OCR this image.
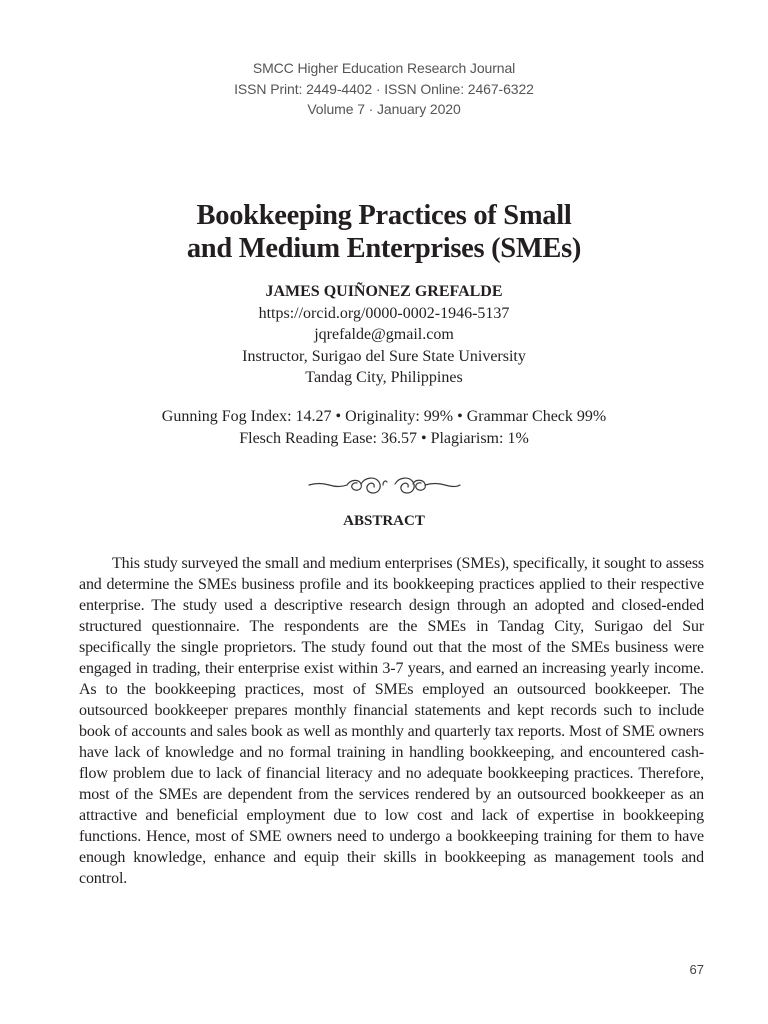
SMCC Higher Education Research Journal
ISSN Print: 2449-4402 · ISSN Online: 2467-6322
Volume 7 · January 2020
Bookkeeping Practices of Small
and Medium Enterprises (SMEs)
JAMES QUIÑONEZ GREFALDE
https://orcid.org/0000-0002-1946-5137
jqrefalde@gmail.com
Instructor, Surigao del Sure State University
Tandag City, Philippines
Gunning Fog Index: 14.27 • Originality: 99% • Grammar Check 99%
Flesch Reading Ease: 36.57 • Plagiarism: 1%
ABSTRACT

This study surveyed the small and medium enterprises (SMEs), specifically, it sought to assess and determine the SMEs business profile and its bookkeeping practices applied to their respective enterprise. The study used a descriptive research design through an adopted and closed-ended structured questionnaire. The respondents are the SMEs in Tandag City, Surigao del Sur specifically the single proprietors. The study found out that the most of the SMEs business were engaged in trading, their enterprise exist within 3-7 years, and earned an increasing yearly income. As to the bookkeeping practices, most of SMEs employed an outsourced bookkeeper. The outsourced bookkeeper prepares monthly financial statements and kept records such to include book of accounts and sales book as well as monthly and quarterly tax reports. Most of SME owners have lack of knowledge and no formal training in handling bookkeeping, and encountered cash-flow problem due to lack of financial literacy and no adequate bookkeeping practices. Therefore, most of the SMEs are dependent from the services rendered by an outsourced bookkeeper as an attractive and beneficial employment due to low cost and lack of expertise in bookkeeping functions. Hence, most of SME owners need to undergo a bookkeeping training for them to have enough knowledge, enhance and equip their skills in bookkeeping as management tools and control.

67
